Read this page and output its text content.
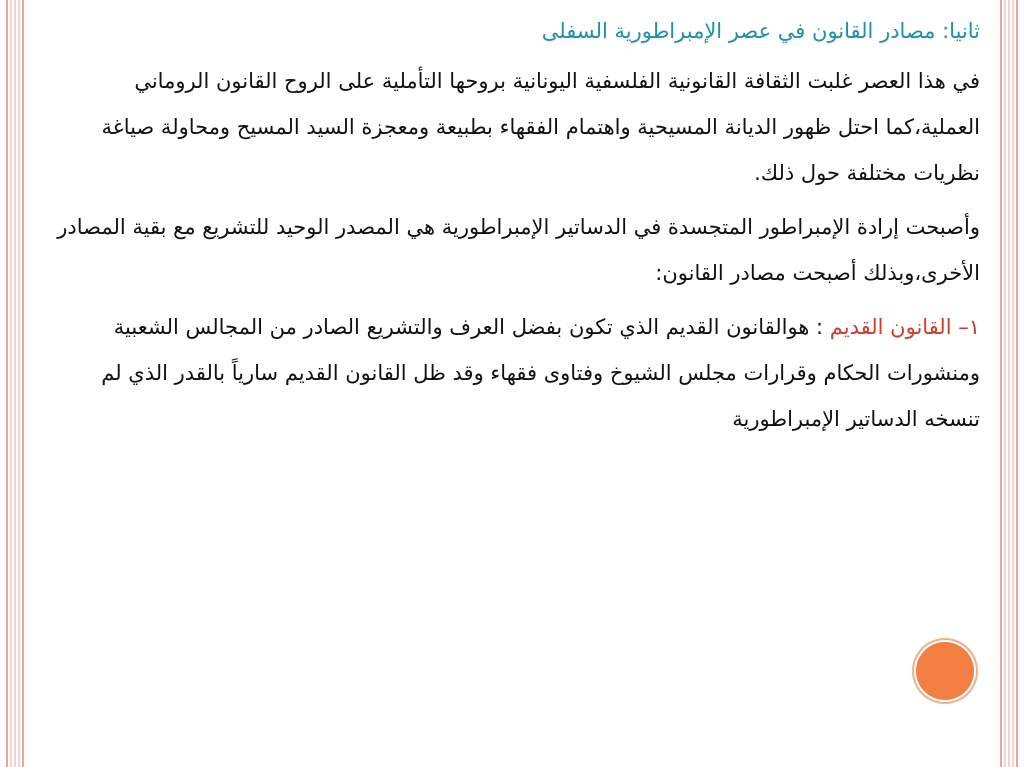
ثانيا: مصادر القانون في عصر الإمبراطورية السفلى

في هذا العصر غلبت الثقافة القانونية الفلسفية اليونانية بروحها التأملية على الروح القانون الروماني العملية،كما احتل ظهور الديانة المسيحية واهتمام الفقهاء بطبيعة ومعجزة السيد المسيح ومحاولة صياغة نظريات مختلفة حول ذلك.

وأصبحت إرادة الإمبراطور المتجسدة في الدساتير الإمبراطورية هي المصدر الوحيد للتشريع مع بقية المصادر الأخرى،وبذلك أصبحت مصادر القانون:

١– القانون القديم : هوالقانون القديم الذي تكون بفضل العرف والتشريع الصادر من المجالس الشعبية ومنشورات الحكام وقرارات مجلس الشيوخ وفتاوى فقهاء وقد ظل القانون القديم سارياً بالقدر الذي لم تنسخه الدساتير الإمبراطورية
